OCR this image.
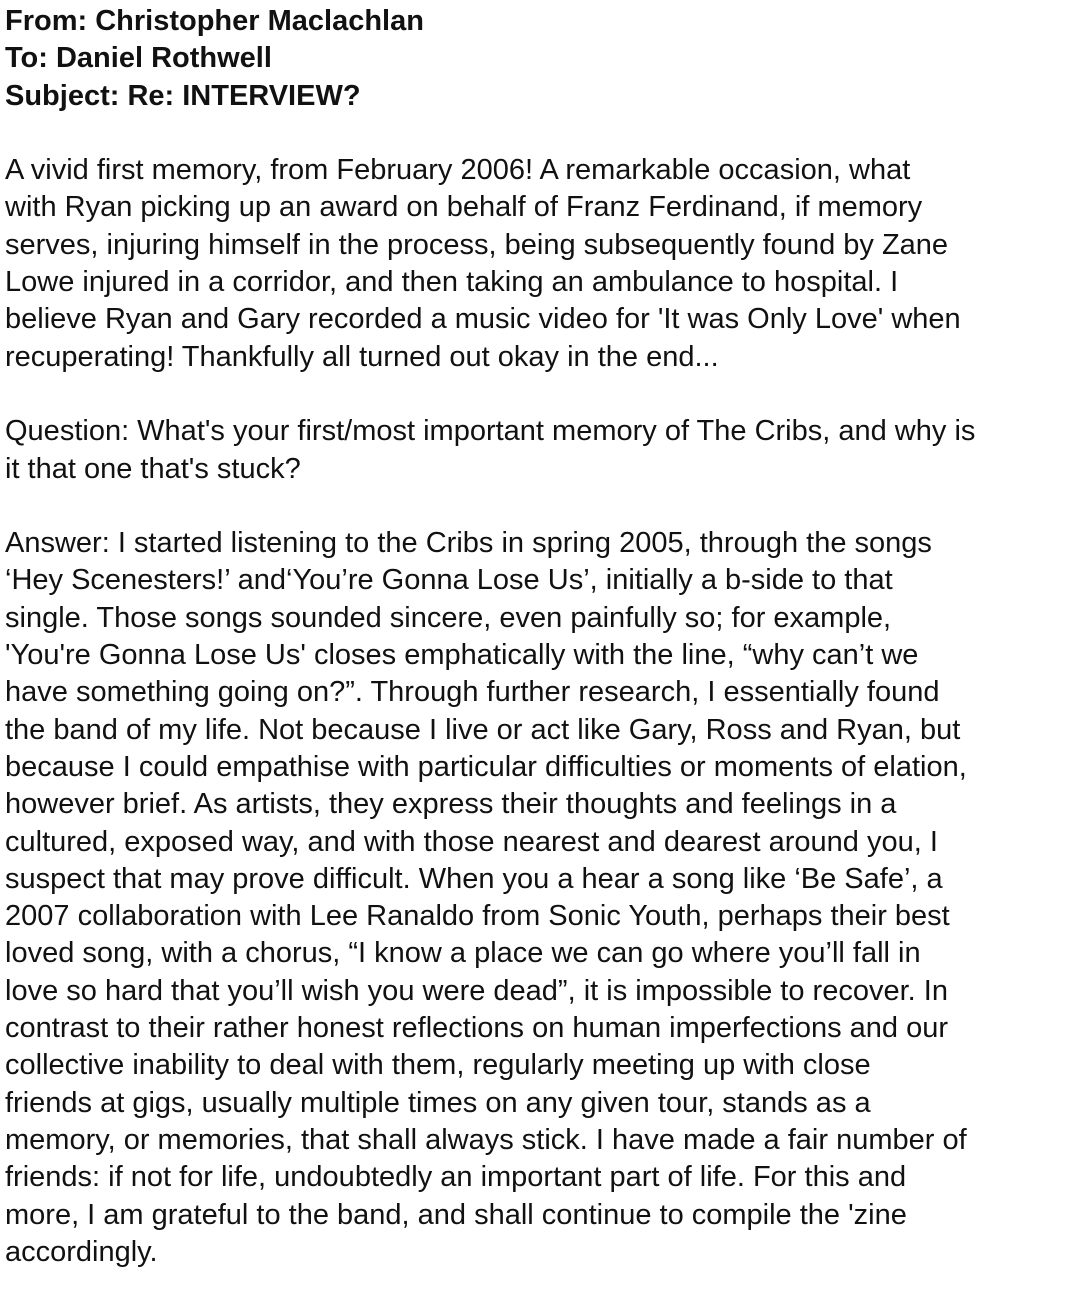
From: Christopher Maclachlan
To: Daniel Rothwell
Subject: Re: INTERVIEW?
A vivid first memory, from February 2006! A remarkable occasion, what
with Ryan picking up an award on behalf of Franz Ferdinand, if memory
serves, injuring himself in the process, being subsequently found by Zane
Lowe injured in a corridor, and then taking an ambulance to hospital. I
believe Ryan and Gary recorded a music video for 'It was Only Love' when
recuperating! Thankfully all turned out okay in the end...
Question: What's your first/most important memory of The Cribs, and why is
it that one that's stuck?
Answer: I started listening to the Cribs in spring 2005, through the songs
‘Hey Scenesters!’ and‘You’re Gonna Lose Us’, initially a b-side to that
single. Those songs sounded sincere, even painfully so; for example,
'You're Gonna Lose Us' closes emphatically with the line, “why can’t we
have something going on?”. Through further research, I essentially found
the band of my life. Not because I live or act like Gary, Ross and Ryan, but
because I could empathise with particular difficulties or moments of elation,
however brief. As artists, they express their thoughts and feelings in a
cultured, exposed way, and with those nearest and dearest around you, I
suspect that may prove difficult. When you a hear a song like ‘Be Safe’, a
2007 collaboration with Lee Ranaldo from Sonic Youth, perhaps their best
loved song, with a chorus, “I know a place we can go where you’ll fall in
love so hard that you’ll wish you were dead”, it is impossible to recover. In
contrast to their rather honest reflections on human imperfections and our
collective inability to deal with them, regularly meeting up with close
friends at gigs, usually multiple times on any given tour, stands as a
memory, or memories, that shall always stick. I have made a fair number of
friends: if not for life, undoubtedly an important part of life. For this and
more, I am grateful to the band, and shall continue to compile the 'zine
accordingly.
